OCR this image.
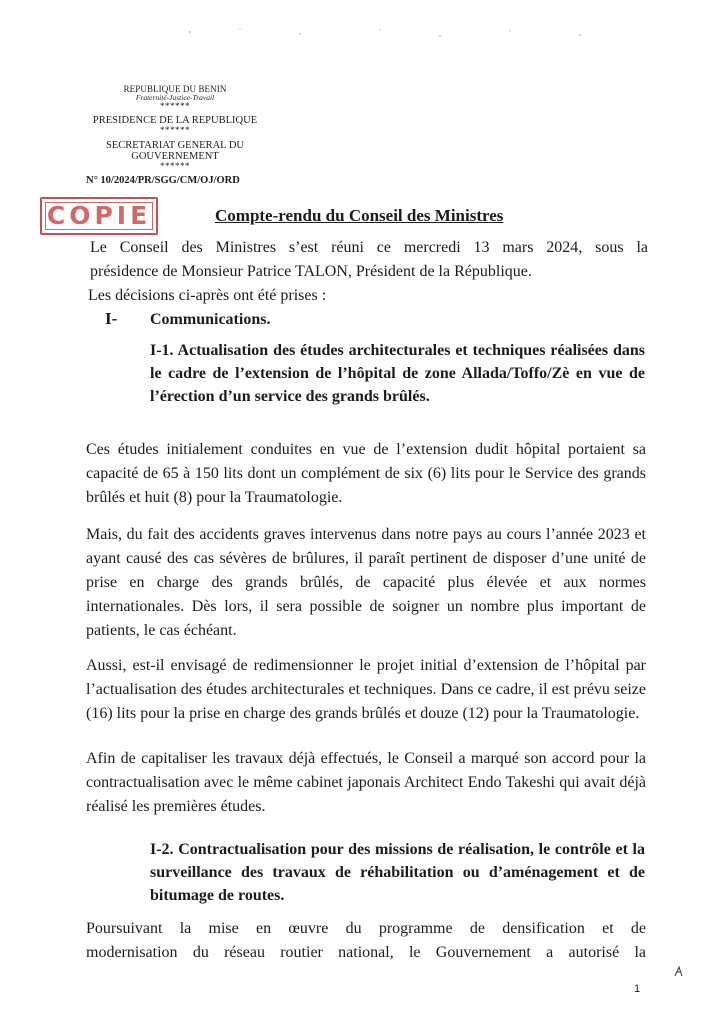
REPUBLIQUE DU BENIN
Fraternité-Justice-Travail
******
PRESIDENCE DE LA REPUBLIQUE
******
SECRETARIAT GENERAL DU
GOUVERNEMENT
******
N° 10/2024/PR/SGG/CM/OJ/ORD
COPIE	Compte-rendu du Conseil des Ministres
Le Conseil des Ministres s’est réuni ce mercredi 13 mars 2024, sous la
présidence de Monsieur Patrice TALON, Président de la République.
Les décisions ci-après ont été prises :
I- Communications.
I-1. Actualisation des études architecturales et techniques réalisées dans le cadre de l’extension de l’hôpital de zone Allada/Toffo/Zè en vue de l’érection d’un service des grands brûlés.
Ces études initialement conduites en vue de l’extension dudit hôpital portaient sa capacité de 65 à 150 lits dont un complément de six (6) lits pour le Service des grands brûlés et huit (8) pour la Traumatologie.
Mais, du fait des accidents graves intervenus dans notre pays au cours l’année 2023 et ayant causé des cas sévères de brûlures, il paraît pertinent de disposer d’une unité de prise en charge des grands brûlés, de capacité plus élevée et aux normes internationales. Dès lors, il sera possible de soigner un nombre plus important de patients, le cas échéant.
Aussi, est-il envisagé de redimensionner le projet initial d’extension de l’hôpital par l’actualisation des études architecturales et techniques. Dans ce cadre, il est prévu seize (16) lits pour la prise en charge des grands brûlés et douze (12) pour la Traumatologie.
Afin de capitaliser les travaux déjà effectués, le Conseil a marqué son accord pour la contractualisation avec le même cabinet japonais Architect Endo Takeshi qui avait déjà réalisé les premières études.
I-2. Contractualisation pour des missions de réalisation, le contrôle et la surveillance des travaux de réhabilitation ou d’aménagement et de bitumage de routes.
Poursuivant la mise en œuvre du programme de densification et de
modernisation du réseau routier national, le Gouvernement a autorisé la
1
